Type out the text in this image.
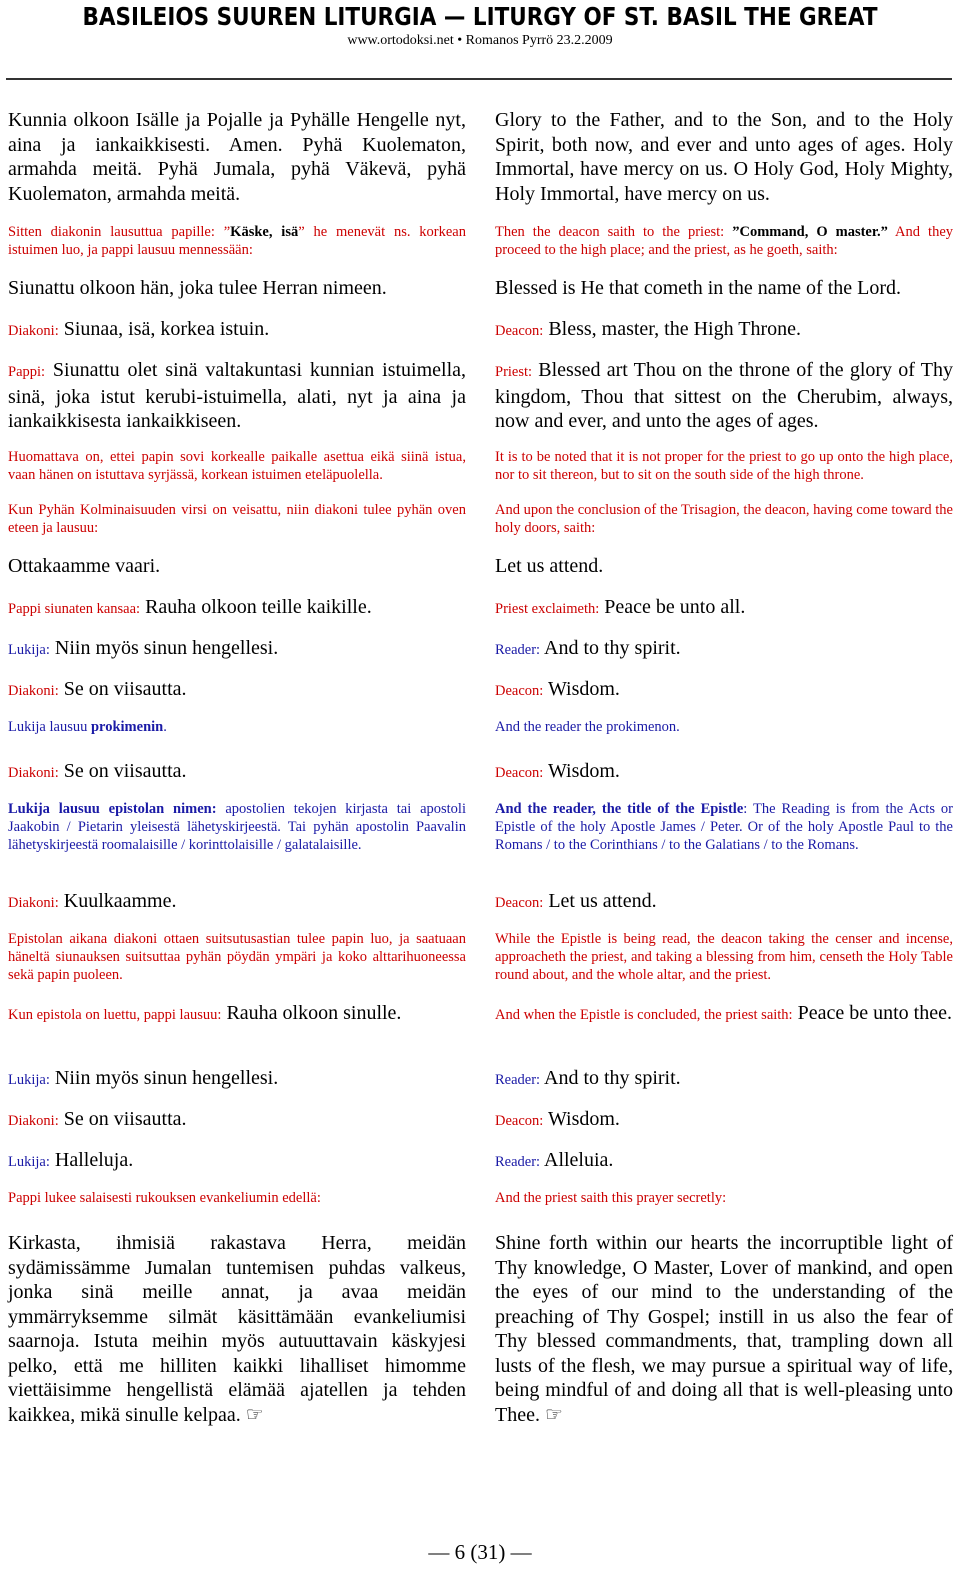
BASILEIOS SUUREN LITURGIA — LITURGY OF ST. BASIL THE GREAT
www.ortodoksi.net • Romanos Pyrrö 23.2.2009
Kunnia olkoon Isälle ja Pojalle ja Pyhälle Hengelle nyt, aina ja iankaikkisesti. Amen. Pyhä Kuolematon, armahda meitä. Pyhä Jumala, pyhä Väkevä, pyhä Kuolematon, armahda meitä.
Sitten diakonin lausuttua papille: ”Käske, isä” he menevät ns. korkean istuimen luo, ja pappi lausuu mennessään:
Siunattu olkoon hän, joka tulee Herran nimeen.
Diakoni: Siunaa, isä, korkea istuin.
Pappi: Siunattu olet sinä valtakuntasi kunnian istuimella, sinä, joka istut kerubi-istuimella, alati, nyt ja aina ja iankaikkisesta iankaikkiseen.
Huomattava on, ettei papin sovi korkealle paikalle asettua eikä siinä istua, vaan hänen on istuttava syrjässä, korkean istuimen eteläpuolella.
Kun Pyhän Kolminaisuuden virsi on veisattu, niin diakoni tulee pyhän oven eteen ja lausuu:
Ottakaamme vaari.
Pappi siunaten kansaa: Rauha olkoon teille kaikille.
Lukija: Niin myös sinun hengellesi.
Diakoni: Se on viisautta.
Lukija lausuu prokimenin.
Diakoni: Se on viisautta.
Lukija lausuu epistolan nimen: apostolien tekojen kirjasta tai apostoli Jaakobin / Pietarin yleisestä lähetyskirjeestä. Tai pyhän apostolin Paavalin lähetyskirjeestä roomalaisille / korinttolaisille / galatalaisille.
Diakoni: Kuulkaamme.
Epistolan aikana diakoni ottaen suitsutusastian tulee papin luo, ja saatuaan häneltä siunauksen suitsuttaa pyhän pöydän ympäri ja koko alttarihuoneessa sekä papin puoleen.
Kun epistola on luettu, pappi lausuu: Rauha olkoon sinulle.
Lukija: Niin myös sinun hengellesi.
Diakoni: Se on viisautta.
Lukija: Halleluja.
Pappi lukee salaisesti rukouksen evankeliumin edellä:
Kirkasta, ihmisiä rakastava Herra, meidän sydämissämme Jumalan tuntemisen puhdas valkeus, jonka sinä meille annat, ja avaa meidän ymmärryksemme silmät käsittämään evankeliumisi saarnoja. Istuta meihin myös autuuttavain käskyjesi pelko, että me hilliten kaikki lihalliset himomme viettäisimme hengellistä elämää ajatellen ja tehden kaikkea, mikä sinulle kelpaa. ☞
Glory to the Father, and to the Son, and to the Holy Spirit, both now, and ever and unto ages of ages. Holy Immortal, have mercy on us. O Holy God, Holy Mighty, Holy Immortal, have mercy on us.
Then the deacon saith to the priest: ”Command, O master.” And they proceed to the high place; and the priest, as he goeth, saith:
Blessed is He that cometh in the name of the Lord.
Deacon: Bless, master, the High Throne.
Priest: Blessed art Thou on the throne of the glory of Thy kingdom, Thou that sittest on the Cherubim, always, now and ever, and unto the ages of ages.
It is to be noted that it is not proper for the priest to go up onto the high place, nor to sit thereon, but to sit on the south side of the high throne.
And upon the conclusion of the Trisagion, the deacon, having come toward the holy doors, saith:
Let us attend.
Priest exclaimeth: Peace be unto all.
Reader: And to thy spirit.
Deacon: Wisdom.
And the reader the prokimenon.
Deacon: Wisdom.
And the reader, the title of the Epistle: The Reading is from the Acts or Epistle of the holy Apostle James / Peter. Or of the holy Apostle Paul to the Romans / to the Corinthians / to the Galatians / to the Romans.
Deacon: Let us attend.
While the Epistle is being read, the deacon taking the censer and incense, approacheth the priest, and taking a blessing from him, censeth the Holy Table round about, and the whole altar, and the priest.
And when the Epistle is concluded, the priest saith: Peace be unto thee.
Reader: And to thy spirit.
Deacon: Wisdom.
Reader: Alleluia.
And the priest saith this prayer secretly:
Shine forth within our hearts the incorruptible light of Thy knowledge, O Master, Lover of mankind, and open the eyes of our mind to the understanding of the preaching of Thy Gospel; instill in us also the fear of Thy blessed commandments, that, trampling down all lusts of the flesh, we may pursue a spiritual way of life, being mindful of and doing all that is well-pleasing unto Thee. ☞
— 6 (31) —
